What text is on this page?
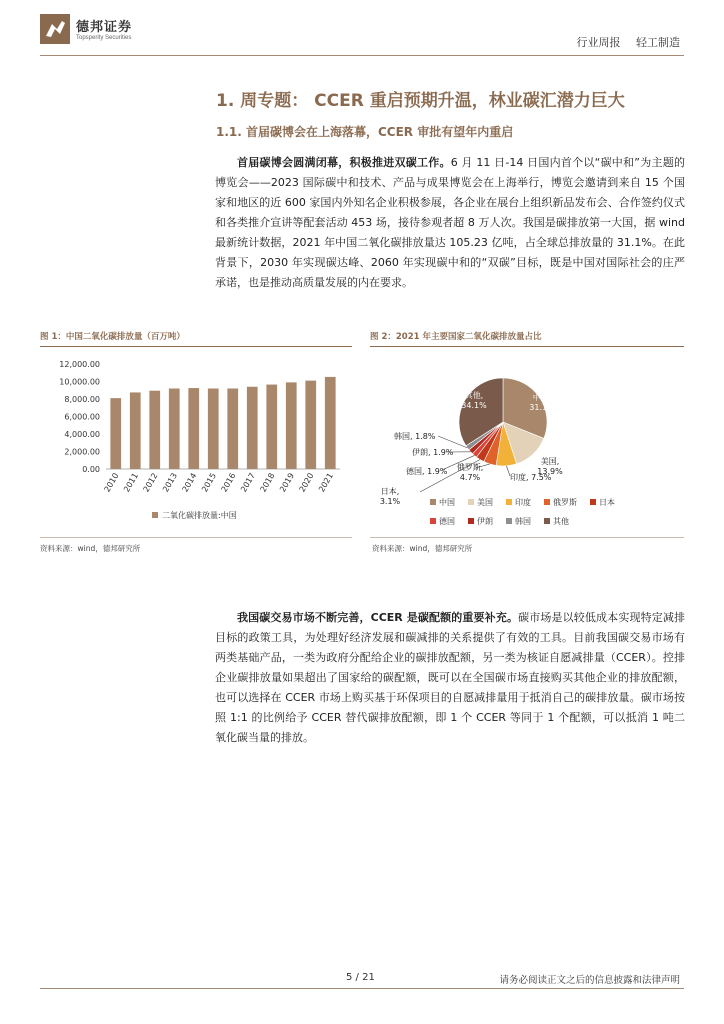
德邦证券
Topsperity Securities	行业周报 轻工制造
1. 周专题： CCER 重启预期升温，林业碳汇潜力巨大
1.1. 首届碳博会在上海落幕，CCER 审批有望年内重启

首届碳博会圆满闭幕，积极推进双碳工作。6 月 11 日-14 日国内首个以“碳中和”为主题的博览会——2023 国际碳中和技术、产品与成果博览会在上海举行，博览会邀请到来自 15 个国家和地区的近 600 家国内外知名企业积极参展，各企业在展台上组织新品发布会、合作签约仪式和各类推介宣讲等配套活动 453 场，接待参观者超 8 万人次。我国是碳排放第一大国，据 wind 最新统计数据，2021 年中国二氧化碳排放量达 105.23 亿吨，占全球总排放量的 31.1%。在此背景下，2030 年实现碳达峰、2060 年实现碳中和的“双碳”目标，既是中国对国际社会的庄严承诺，也是推动高质量发展的内在要求。

图 1：中国二氧化碳排放量（百万吨）	图 2：2021 年主要国家二氧化碳排放量占比
0.00
2,000.00
4,000.00
6,000.00
8,000.00
10,000.00
12,000.00
2010 2011 2012 2013 2014 2015 2016 2017 2018 2019 2020 2021
二氧化碳排放量:中国
中国, 31.1%
美国, 13.9%
印度, 7.5%
俄罗斯, 4.7%
日本, 3.1%
德国, 1.9%
伊朗, 1.9%
韩国, 1.8%
其他, 34.1%
中国	美国	印度	俄罗斯	日本
德国	伊朗	韩国	其他
资料来源：wind，德邦研究所	资料来源：wind，德邦研究所

我国碳交易市场不断完善，CCER 是碳配额的重要补充。碳市场是以较低成本实现特定减排目标的政策工具，为处理好经济发展和碳减排的关系提供了有效的工具。目前我国碳交易市场有两类基础产品，一类为政府分配给企业的碳排放配额，另一类为核证自愿减排量（CCER）。控排企业碳排放量如果超出了国家给的碳配额，既可以在全国碳市场直接购买其他企业的排放配额，也可以选择在 CCER 市场上购买基于环保项目的自愿减排量用于抵消自己的碳排放量。碳市场按照 1:1 的比例给予 CCER 替代碳排放配额，即 1 个 CCER 等同于 1 个配额，可以抵消 1 吨二氧化碳当量的排放。

5 / 21	请务必阅读正文之后的信息披露和法律声明
